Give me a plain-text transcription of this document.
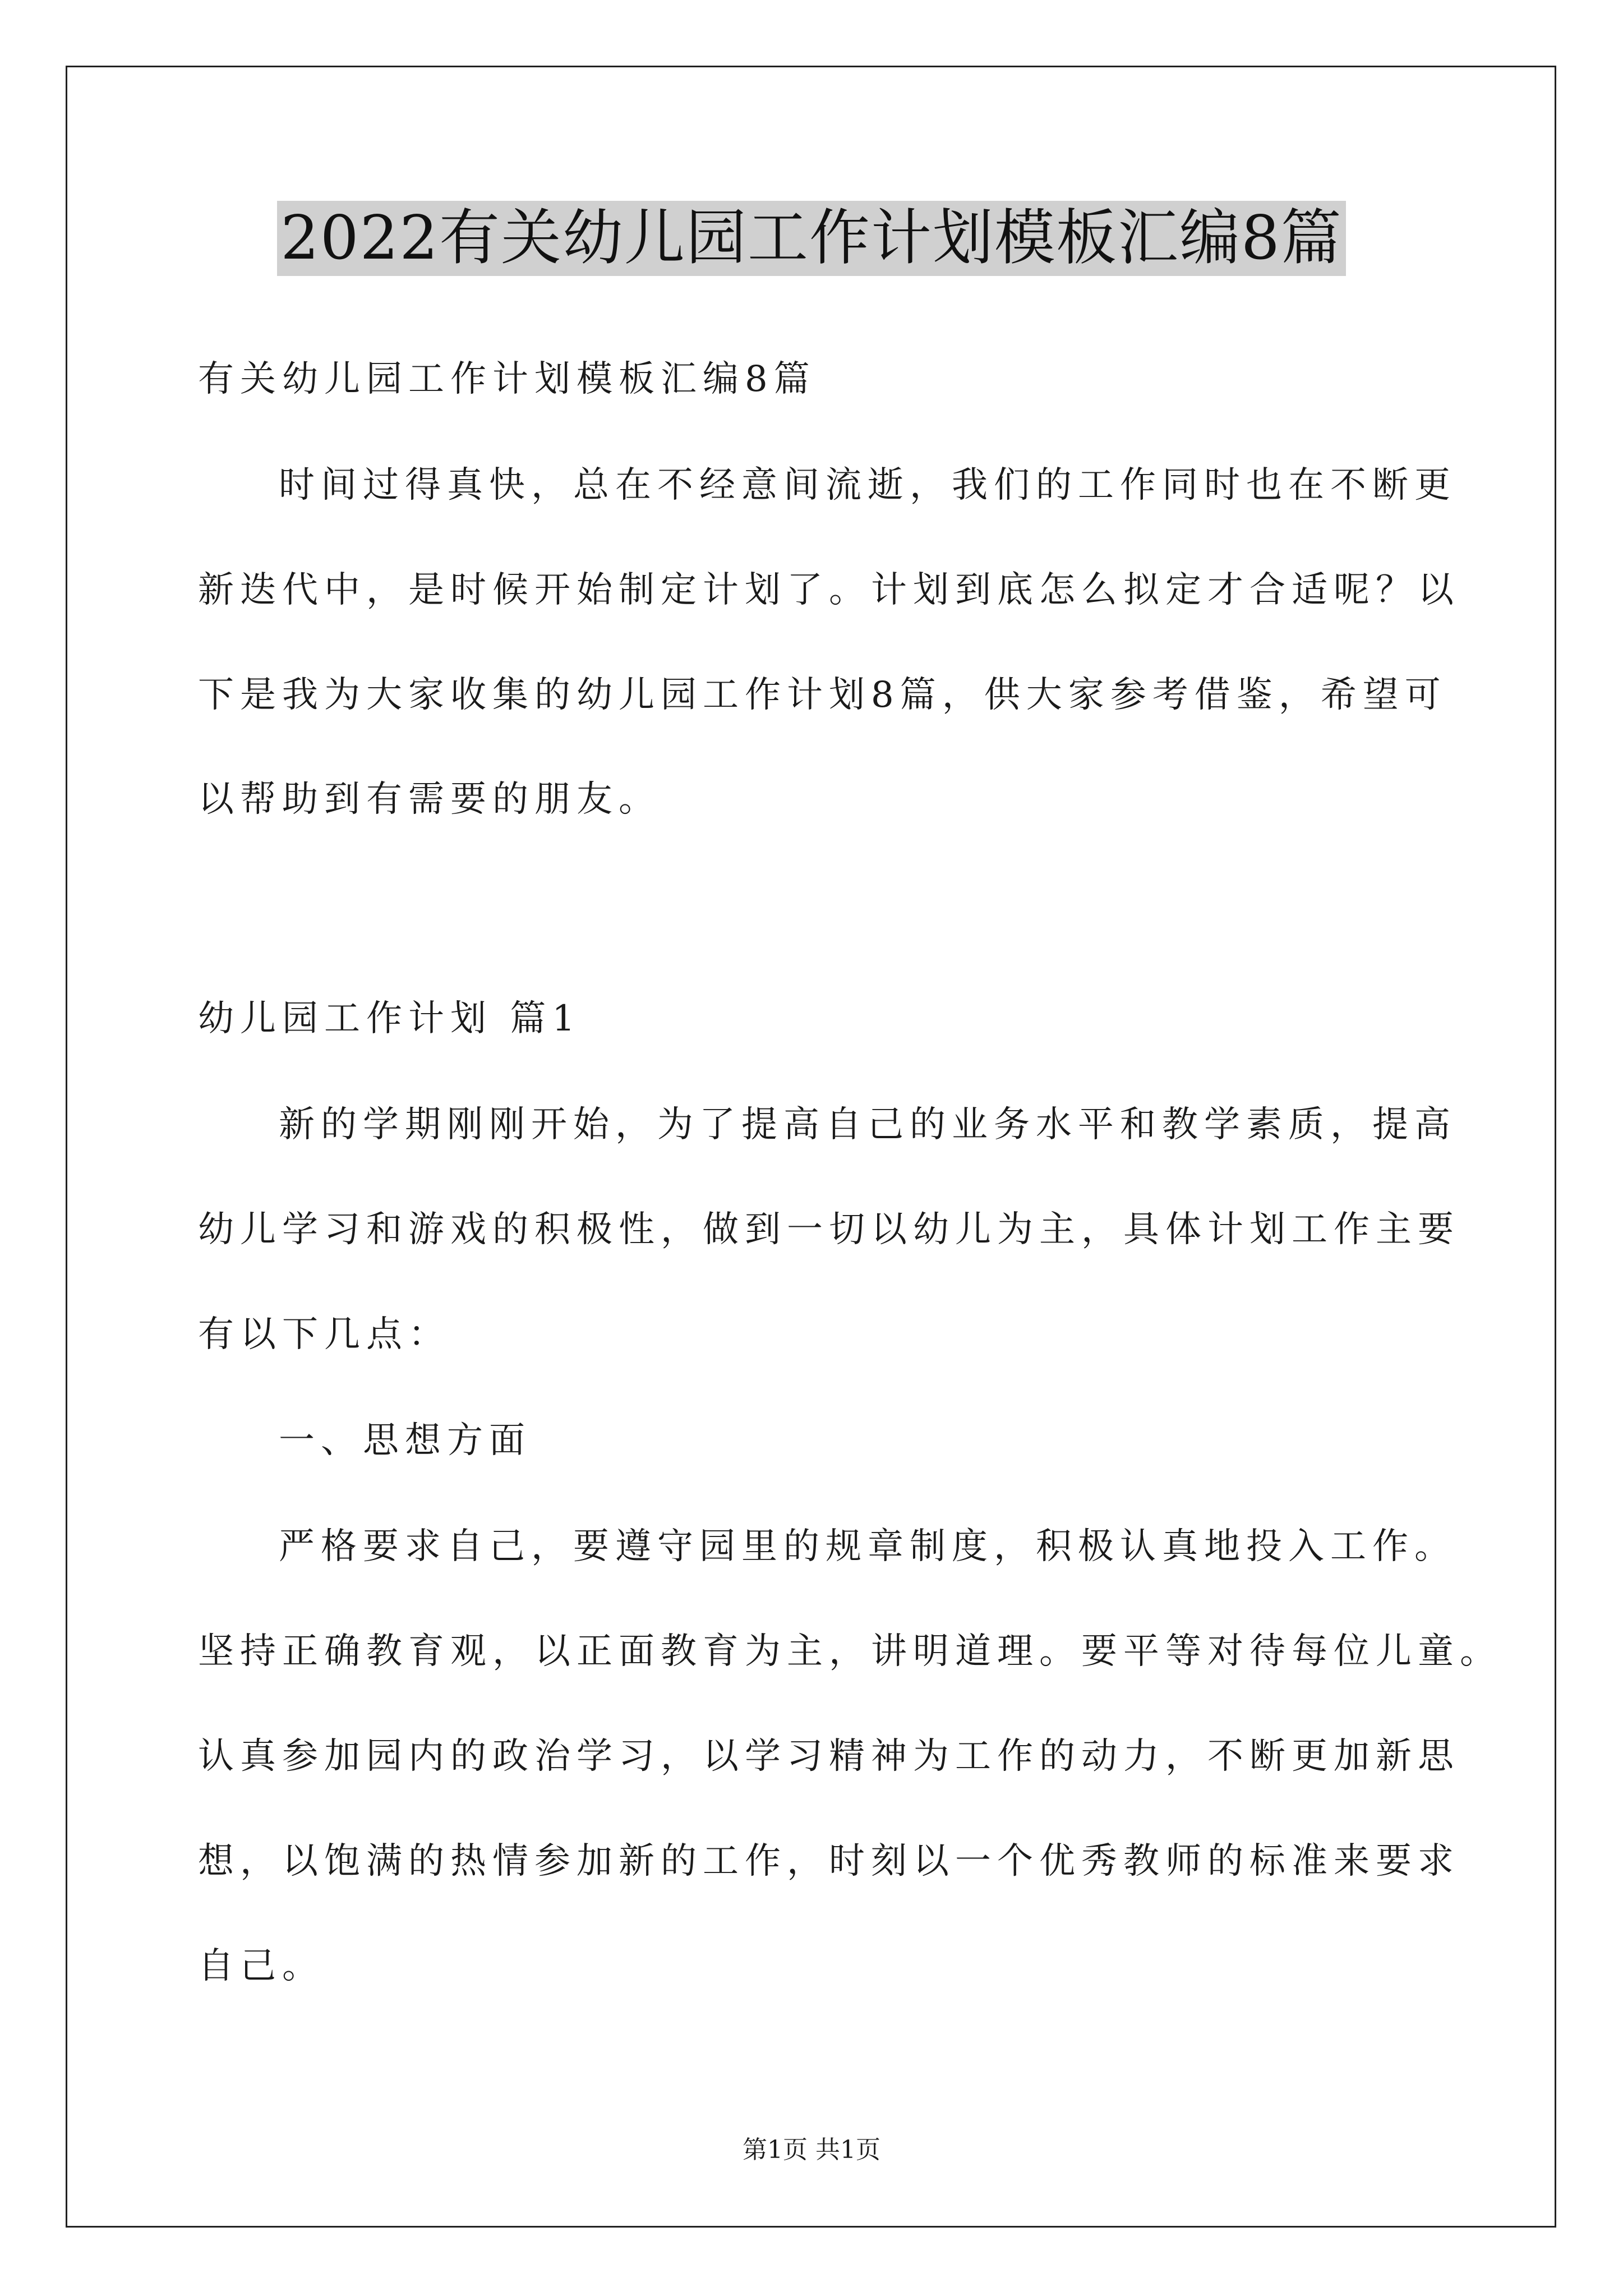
2022有关幼儿园工作计划模板汇编8篇
有关幼儿园工作计划模板汇编8篇
时间过得真快，总在不经意间流逝，我们的工作同时也在不断更
新迭代中，是时候开始制定计划了。计划到底怎么拟定才合适呢？以
下是我为大家收集的幼儿园工作计划8篇，供大家参考借鉴，希望可
以帮助到有需要的朋友。
幼儿园工作计划 篇1
新的学期刚刚开始，为了提高自己的业务水平和教学素质，提高
幼儿学习和游戏的积极性，做到一切以幼儿为主，具体计划工作主要
有以下几点：
一、思想方面
严格要求自己，要遵守园里的规章制度，积极认真地投入工作。
坚持正确教育观，以正面教育为主，讲明道理。要平等对待每位儿童。
认真参加园内的政治学习，以学习精神为工作的动力，不断更加新思
想，以饱满的热情参加新的工作，时刻以一个优秀教师的标准来要求
自己。
第1页 共1页
